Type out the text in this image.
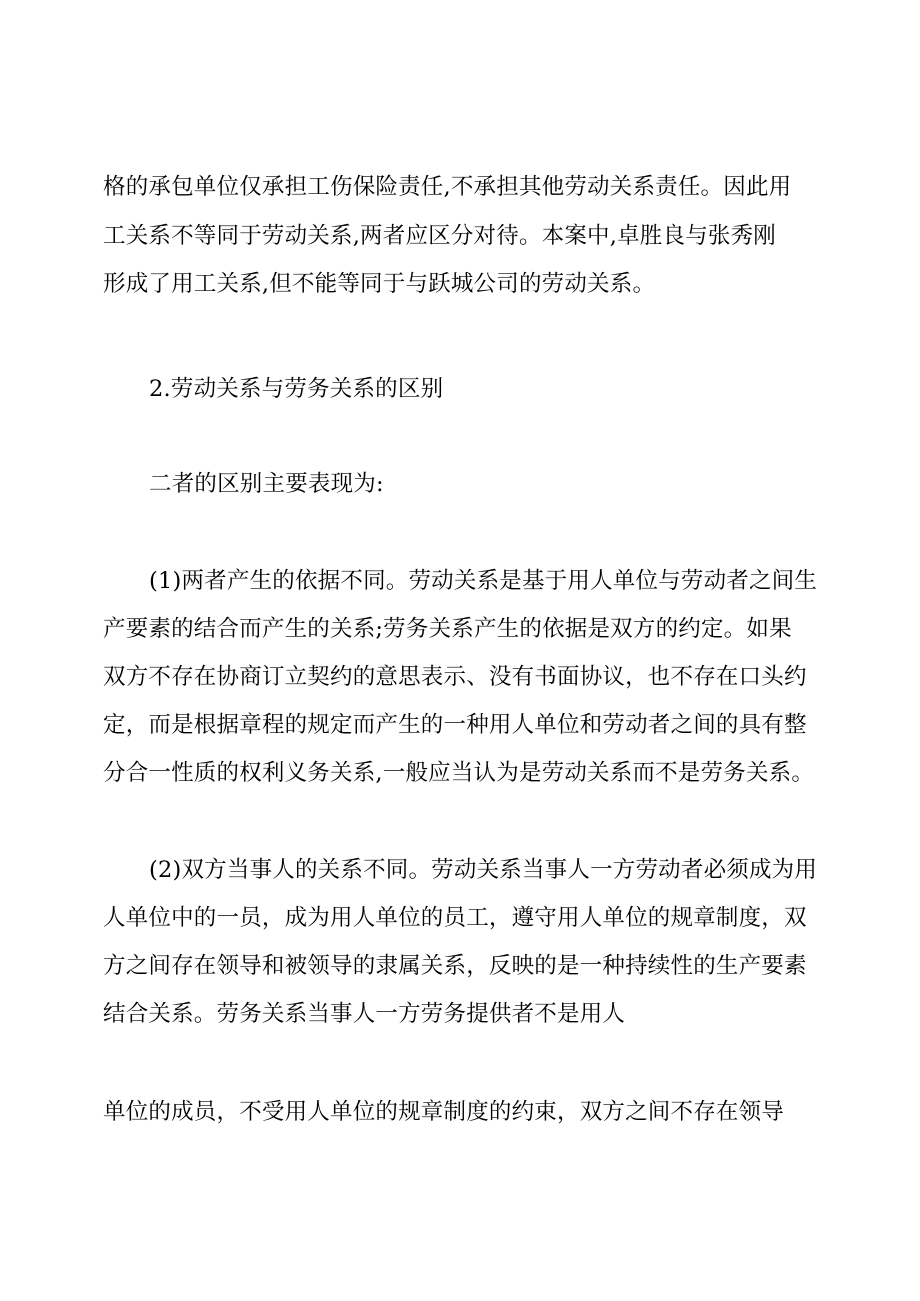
格的承包单位仅承担工伤保险责任,不承担其他劳动关系责任。因此用
工关系不等同于劳动关系,两者应区分对待。本案中,卓胜良与张秀刚
形成了用工关系,但不能等同于与跃城公司的劳动关系。
2.劳动关系与劳务关系的区别
二者的区别主要表现为:
(1)两者产生的依据不同。劳动关系是基于用人单位与劳动者之间生
产要素的结合而产生的关系;劳务关系产生的依据是双方的约定。如果
双方不存在协商订立契约的意思表示、没有书面协议，也不存在口头约
定，而是根据章程的规定而产生的一种用人单位和劳动者之间的具有整
分合一性质的权利义务关系,一般应当认为是劳动关系而不是劳务关系。
(2)双方当事人的关系不同。劳动关系当事人一方劳动者必须成为用
人单位中的一员，成为用人单位的员工，遵守用人单位的规章制度，双
方之间存在领导和被领导的隶属关系，反映的是一种持续性的生产要素
结合关系。劳务关系当事人一方劳务提供者不是用人
单位的成员，不受用人单位的规章制度的约束，双方之间不存在领导
